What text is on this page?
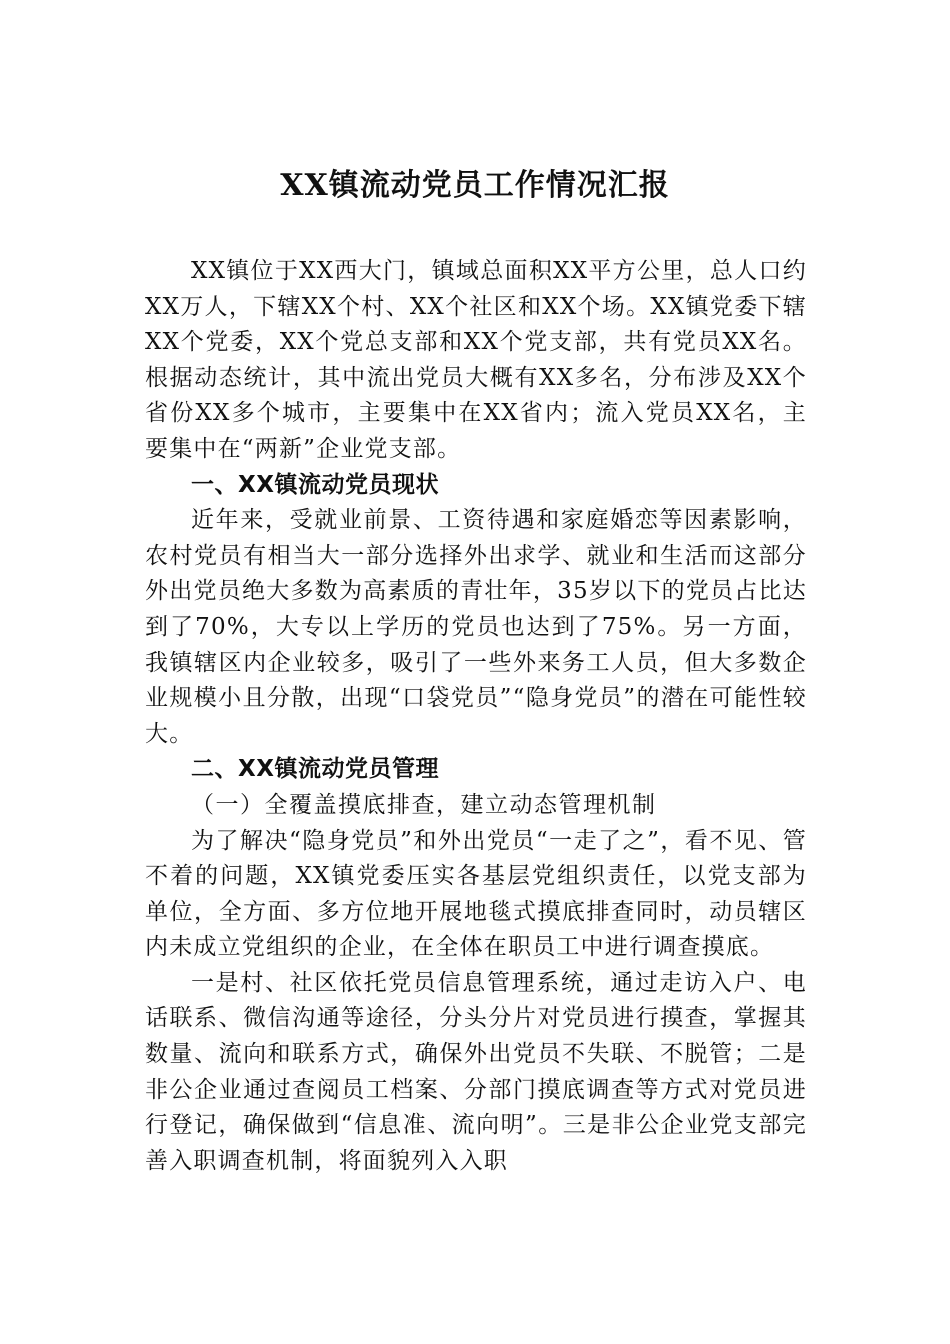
XX镇流动党员工作情况汇报

XX镇位于XX西大门，镇域总面积XX平方公里，总人口约XX万人，下辖XX个村、XX个社区和XX个场。XX镇党委下辖XX个党委，XX个党总支部和XX个党支部，共有党员XX名。根据动态统计，其中流出党员大概有XX多名，分布涉及XX个省份XX多个城市，主要集中在XX省内；流入党员XX名，主要集中在“两新”企业党支部。

一、XX镇流动党员现状

近年来，受就业前景、工资待遇和家庭婚恋等因素影响，农村党员有相当大一部分选择外出求学、就业和生活而这部分外出党员绝大多数为高素质的青壮年，35岁以下的党员占比达到了70%，大专以上学历的党员也达到了75%。另一方面，我镇辖区内企业较多，吸引了一些外来务工人员，但大多数企业规模小且分散，出现“口袋党员”“隐身党员”的潜在可能性较大。

二、XX镇流动党员管理

（一）全覆盖摸底排查，建立动态管理机制

为了解决“隐身党员”和外出党员“一走了之”，看不见、管不着的问题，XX镇党委压实各基层党组织责任，以党支部为单位，全方面、多方位地开展地毯式摸底排查同时，动员辖区内未成立党组织的企业，在全体在职员工中进行调查摸底。

一是村、社区依托党员信息管理系统，通过走访入户、电话联系、微信沟通等途径，分头分片对党员进行摸查，掌握其数量、流向和联系方式，确保外出党员不失联、不脱管；二是非公企业通过查阅员工档案、分部门摸底调查等方式对党员进行登记，确保做到“信息准、流向明”。三是非公企业党支部完善入职调查机制，将面貌列入入职
